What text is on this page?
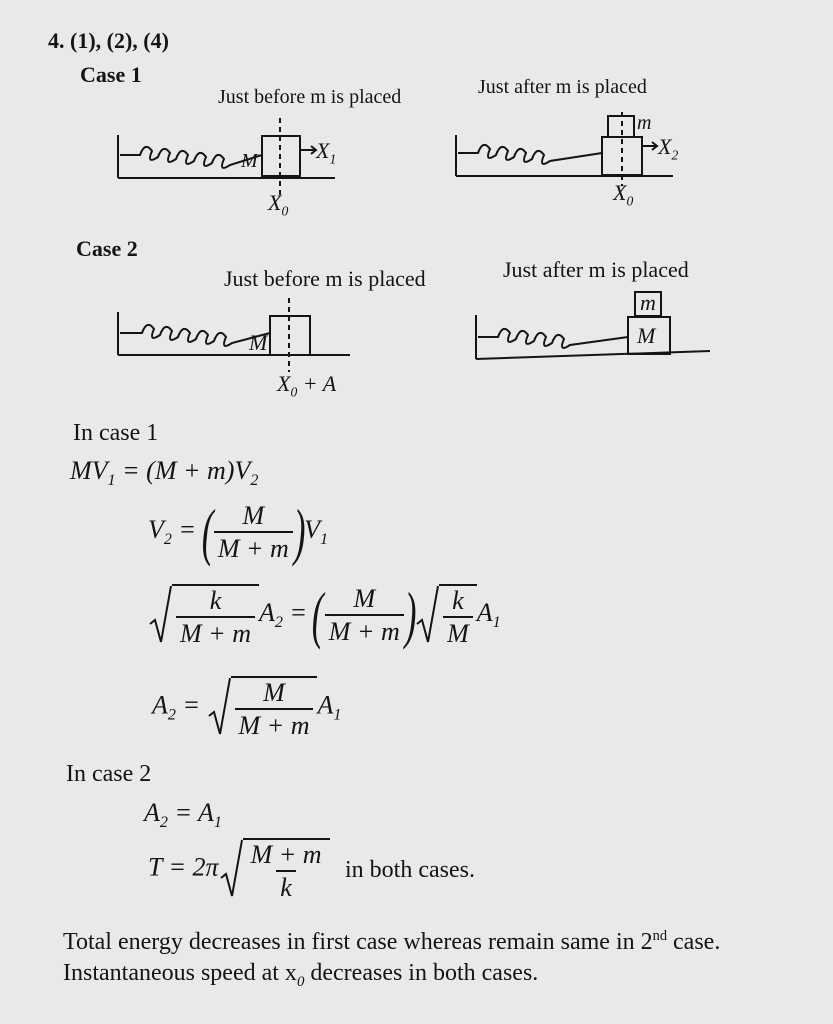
4. (1), (2), (4)
Case 1
Just before m is placed	Just after m is placed
M	$X_1$
$X_0$
m
$X_2$
$X_0$
Case 2
Just before m is placed	Just after m is placed
M
$X_0 + A$
m
M
In case 1
$MV_1 = (M + m)V_2$
$V_2$ = ( $\frac{M}{M + m} )V_1$
$\frac{k}{M + m} A_2$ = ( $\frac{M}{M + m}$ ) $\frac{k}{M} A_1$
$A_2 = \frac{M}{M + m} A_1$
In case 2
$A_2 = A_1$
$T = 2\pi \frac{M + m}{k}$ in both cases.
Total energy decreases in first case whereas remain same in 2nd case.
Instantaneous speed at $x_0$ decreases in both cases.
